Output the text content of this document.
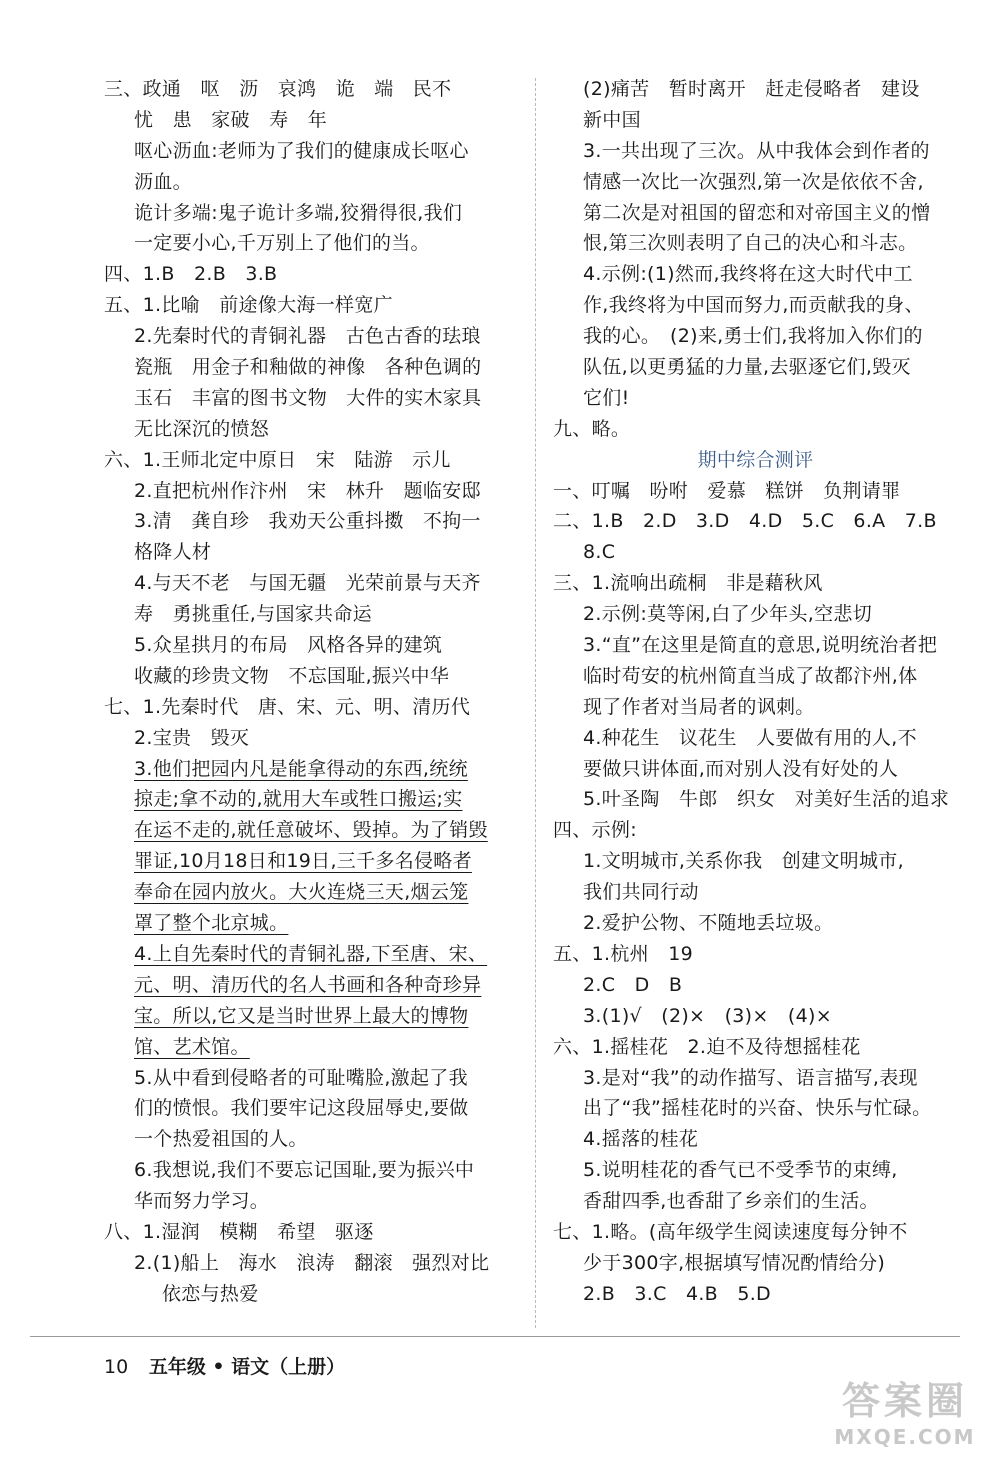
三、政通　呕　沥　哀鸿　诡　端　民不
忧　患　家破　寿　年
呕心沥血:老师为了我们的健康成长呕心
沥血。
诡计多端:鬼子诡计多端,狡猾得很,我们
一定要小心,千万别上了他们的当。
四、1.B　2.B　3.B
五、1.比喻　前途像大海一样宽广
2.先秦时代的青铜礼器　古色古香的珐琅
瓷瓶　用金子和釉做的神像　各种色调的
玉石　丰富的图书文物　大件的实木家具
无比深沉的愤怒
六、1.王师北定中原日　宋　陆游　示儿
2.直把杭州作汴州　宋　林升　题临安邸
3.清　龚自珍　我劝天公重抖擞　不拘一
格降人材
4.与天不老　与国无疆　光荣前景与天齐
寿　勇挑重任,与国家共命运
5.众星拱月的布局　风格各异的建筑
收藏的珍贵文物　不忘国耻,振兴中华
七、1.先秦时代　唐、宋、元、明、清历代
2.宝贵　毁灭
3.他们把园内凡是能拿得动的东西,统统
掠走;拿不动的,就用大车或牲口搬运;实
在运不走的,就任意破坏、毁掉。为了销毁
罪证,10月18日和19日,三千多名侵略者
奉命在园内放火。大火连烧三天,烟云笼
罩了整个北京城。
4.上自先秦时代的青铜礼器,下至唐、宋、
元、明、清历代的名人书画和各种奇珍异
宝。所以,它又是当时世界上最大的博物
馆、艺术馆。
5.从中看到侵略者的可耻嘴脸,激起了我
们的愤恨。我们要牢记这段屈辱史,要做
一个热爱祖国的人。
6.我想说,我们不要忘记国耻,要为振兴中
华而努力学习。
八、1.湿润　模糊　希望　驱逐
2.(1)船上　海水　浪涛　翻滚　强烈对比
依恋与热爱
(2)痛苦　暂时离开　赶走侵略者　建设
新中国
3.一共出现了三次。从中我体会到作者的
情感一次比一次强烈,第一次是依依不舍,
第二次是对祖国的留恋和对帝国主义的憎
恨,第三次则表明了自己的决心和斗志。
4.示例:(1)然而,我终将在这大时代中工
作,我终将为中国而努力,而贡献我的身、
我的心。　(2)来,勇士们,我将加入你们的
队伍,以更勇猛的力量,去驱逐它们,毁灭
它们!
九、略。
期中综合测评
一、叮嘱　吩咐　爱慕　糕饼　负荆请罪
二、1.B　2.D　3.D　4.D　5.C　6.A　7.B
8.C
三、1.流响出疏桐　非是藉秋风
2.示例:莫等闲,白了少年头,空悲切
3.“直”在这里是简直的意思,说明统治者把
临时苟安的杭州简直当成了故都汴州,体
现了作者对当局者的讽刺。
4.种花生　议花生　人要做有用的人,不
要做只讲体面,而对别人没有好处的人
5.叶圣陶　牛郎　织女　对美好生活的追求
四、示例:
1.文明城市,关系你我　创建文明城市,
我们共同行动
2.爱护公物、不随地丢垃圾。
五、1.杭州　19
2.C　D　B
3.(1)√　(2)×　(3)×　(4)×
六、1.摇桂花　2.迫不及待想摇桂花
3.是对“我”的动作描写、语言描写,表现
出了“我”摇桂花时的兴奋、快乐与忙碌。
4.摇落的桂花
5.说明桂花的香气已不受季节的束缚,
香甜四季,也香甜了乡亲们的生活。
七、1.略。(高年级学生阅读速度每分钟不
少于300字,根据填写情况酌情给分)
2.B　3.C　4.B　5.D
10 五年级 • 语文（上册）
答案圈
MXQE.COM
